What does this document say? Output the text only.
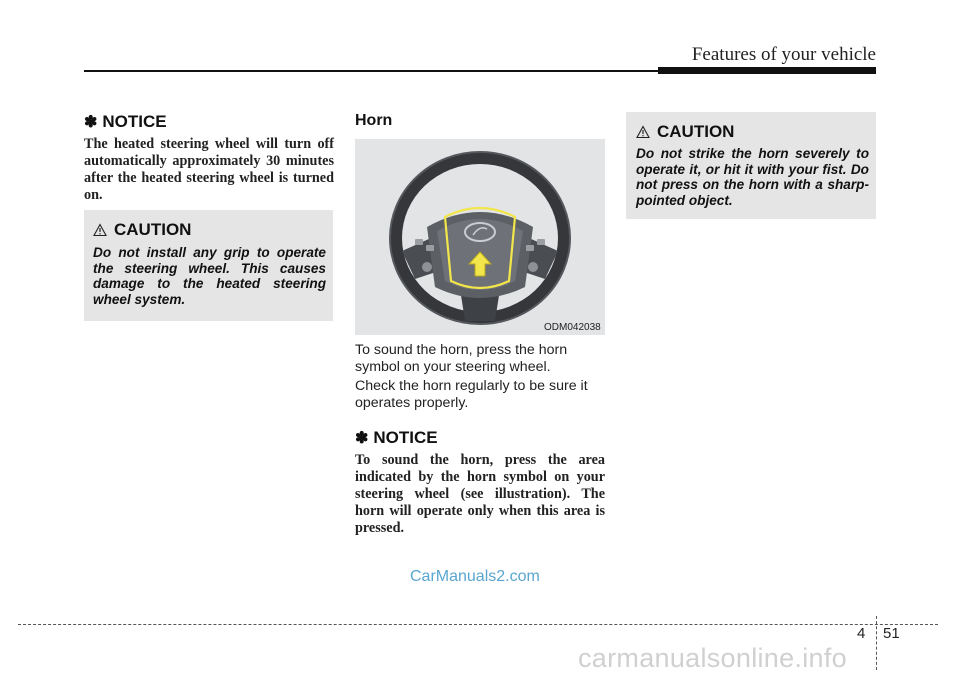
Features of your vehicle
✽ NOTICE
The heated steering wheel will turn off automatically approximately 30 minutes after the heated steering wheel is turned on.
CAUTION
Do not install any grip to operate the steering wheel. This causes damage to the heated steering wheel system.
Horn
ODM042038
To sound the horn, press the horn symbol on your steering wheel.
Check the horn regularly to be sure it operates properly.
✽ NOTICE
To sound the horn, press the area indicated by the horn symbol on your steering wheel (see illustration). The horn will operate only when this area is pressed.
CAUTION
Do not strike the horn severely to operate it, or hit it with your fist. Do not press on the horn with a sharp-pointed object.
CarManuals2.com
4 51
carmanualsonline.info
